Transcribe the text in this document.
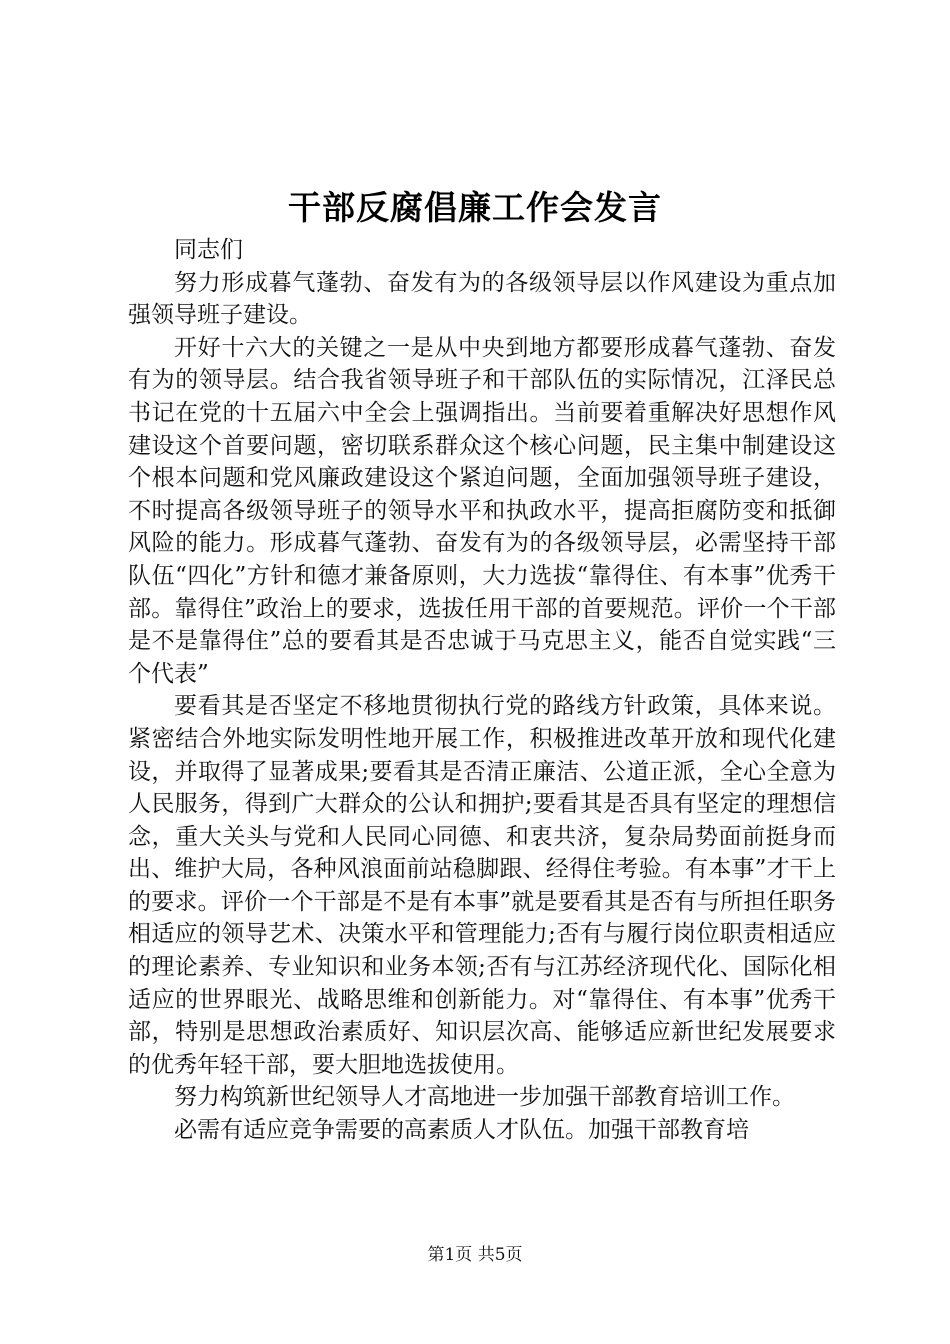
干部反腐倡廉工作会发言

同志们

努力形成暮气蓬勃、奋发有为的各级领导层以作风建设为重点加强领导班子建设。

开好十六大的关键之一是从中央到地方都要形成暮气蓬勃、奋发有为的领导层。结合我省领导班子和干部队伍的实际情况，江泽民总书记在党的十五届六中全会上强调指出。当前要着重解决好思想作风建设这个首要问题，密切联系群众这个核心问题，民主集中制建设这个根本问题和党风廉政建设这个紧迫问题，全面加强领导班子建设，不时提高各级领导班子的领导水平和执政水平，提高拒腐防变和抵御风险的能力。形成暮气蓬勃、奋发有为的各级领导层，必需坚持干部队伍“四化”方针和德才兼备原则，大力选拔“靠得住、有本事”优秀干部。靠得住”政治上的要求，选拔任用干部的首要规范。评价一个干部是不是靠得住”总的要看其是否忠诚于马克思主义，能否自觉实践“三个代表”

要看其是否坚定不移地贯彻执行党的路线方针政策，具体来说。紧密结合外地实际发明性地开展工作，积极推进改革开放和现代化建设，并取得了显著成果;要看其是否清正廉洁、公道正派，全心全意为人民服务，得到广大群众的公认和拥护;要看其是否具有坚定的理想信念，重大关头与党和人民同心同德、和衷共济，复杂局势面前挺身而出、维护大局，各种风浪面前站稳脚跟、经得住考验。有本事”才干上的要求。评价一个干部是不是有本事”就是要看其是否有与所担任职务相适应的领导艺术、决策水平和管理能力;否有与履行岗位职责相适应的理论素养、专业知识和业务本领;否有与江苏经济现代化、国际化相适应的世界眼光、战略思维和创新能力。对“靠得住、有本事”优秀干部，特别是思想政治素质好、知识层次高、能够适应新世纪发展要求的优秀年轻干部，要大胆地选拔使用。

努力构筑新世纪领导人才高地进一步加强干部教育培训工作。

必需有适应竞争需要的高素质人才队伍。加强干部教育培

第1页 共5页
